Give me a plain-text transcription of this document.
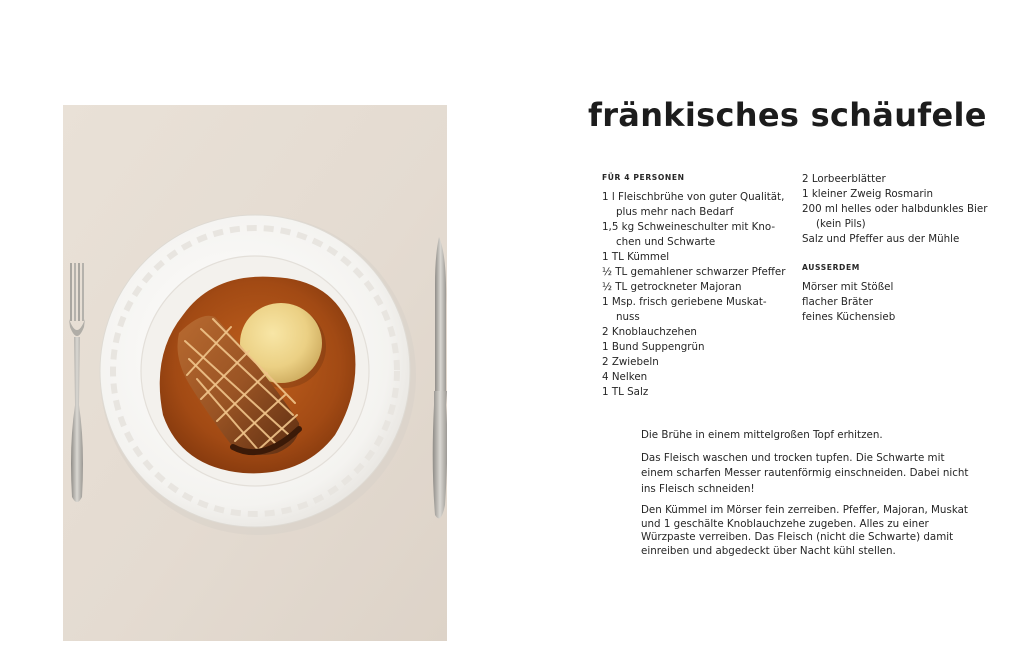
fränkisches schäufele
FÜR 4 PERSONEN
1 l Fleischbrühe von guter Qualität,
plus mehr nach Bedarf
1,5 kg Schweineschulter mit Kno-
chen und Schwarte
1 TL Kümmel
½ TL gemahlener schwarzer Pfeffer
½ TL getrockneter Majoran
1 Msp. frisch geriebene Muskat-
nuss
2 Knoblauchzehen
1 Bund Suppengrün
2 Zwiebeln
4 Nelken
1 TL Salz
2 Lorbeerblätter
1 kleiner Zweig Rosmarin
200 ml helles oder halbdunkles Bier
(kein Pils)
Salz und Pfeffer aus der Mühle
AUSSERDEM
Mörser mit Stößel
flacher Bräter
feines Küchensieb

Die Brühe in einem mittelgroßen Topf erhitzen.

Das Fleisch waschen und trocken tupfen. Die Schwarte mit einem scharfen Messer rautenförmig einschneiden. Dabei nicht ins Fleisch schneiden!

Den Kümmel im Mörser fein zerreiben. Pfeffer, Majoran, Muskat und 1 geschälte Knoblauchzehe zugeben. Alles zu einer Würzpaste verreiben. Das Fleisch (nicht die Schwarte) damit einreiben und abgedeckt über Nacht kühl stellen.
